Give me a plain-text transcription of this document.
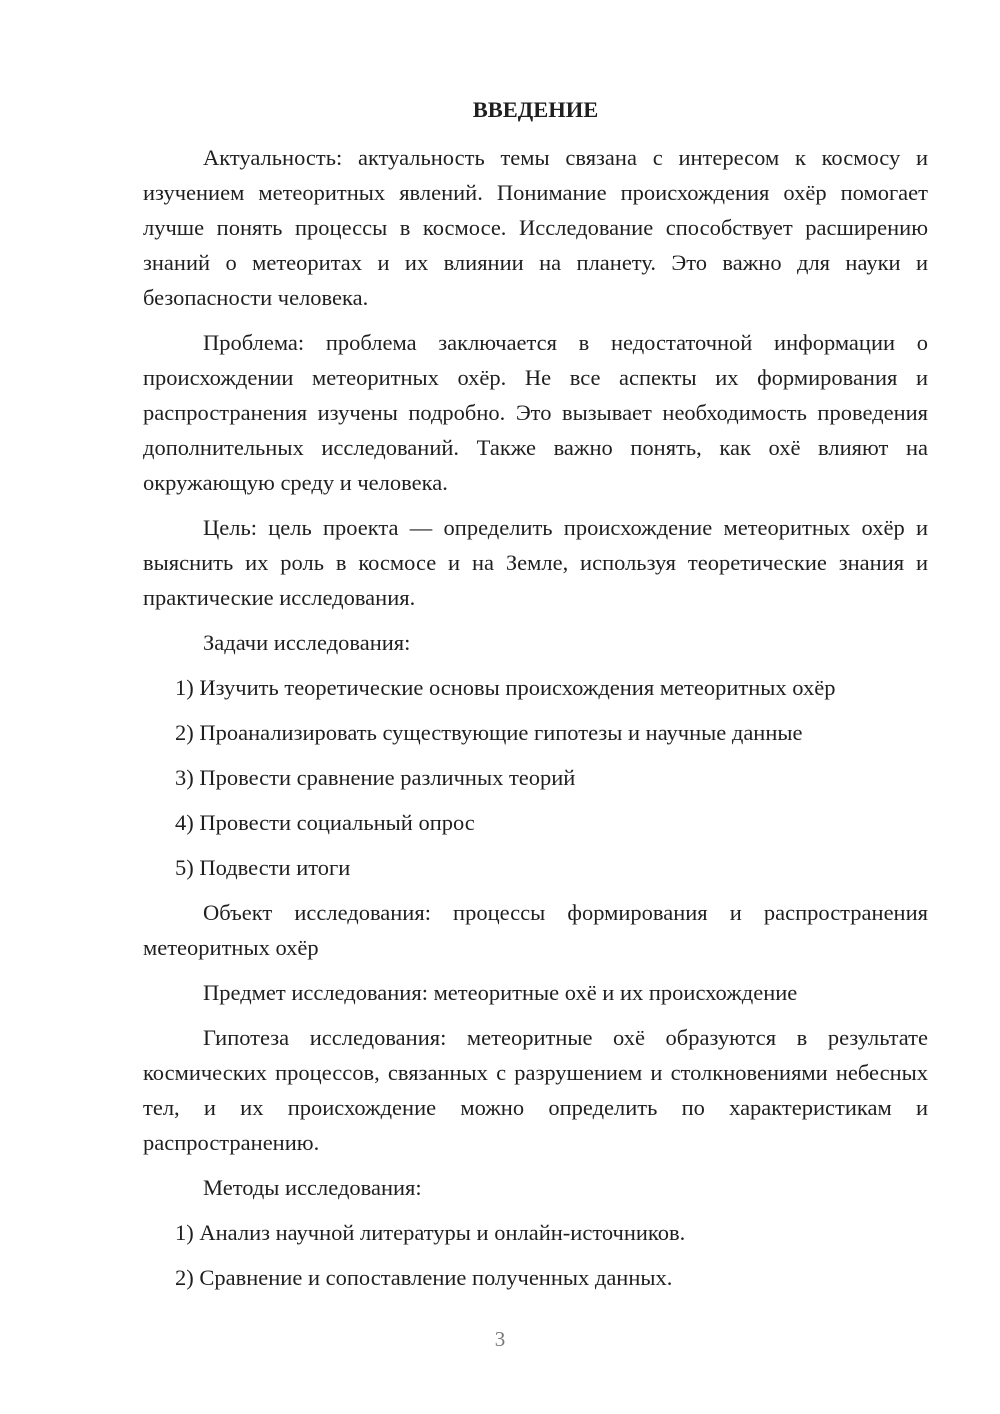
ВВЕДЕНИЕ
Актуальность: актуальность темы связана с интересом к космосу и изучением метеоритных явлений. Понимание происхождения охёр помогает лучше понять процессы в космосе. Исследование способствует расширению знаний о метеоритах и их влиянии на планету. Это важно для науки и безопасности человека.
Проблема: проблема заключается в недостаточной информации о происхождении метеоритных охёр. Не все аспекты их формирования и распространения изучены подробно. Это вызывает необходимость проведения дополнительных исследований. Также важно понять, как охё влияют на окружающую среду и человека.
Цель: цель проекта — определить происхождение метеоритных охёр и выяснить их роль в космосе и на Земле, используя теоретические знания и практические исследования.
Задачи исследования:
1) Изучить теоретические основы происхождения метеоритных охёр
2) Проанализировать существующие гипотезы и научные данные
3) Провести сравнение различных теорий
4) Провести социальный опрос
5) Подвести итоги
Объект исследования: процессы формирования и распространения метеоритных охёр
Предмет исследования: метеоритные охё и их происхождение
Гипотеза исследования: метеоритные охё образуются в результате космических процессов, связанных с разрушением и столкновениями небесных тел, и их происхождение можно определить по характеристикам и распространению.
Методы исследования:
1) Анализ научной литературы и онлайн-источников.
2) Сравнение и сопоставление полученных данных.
3
